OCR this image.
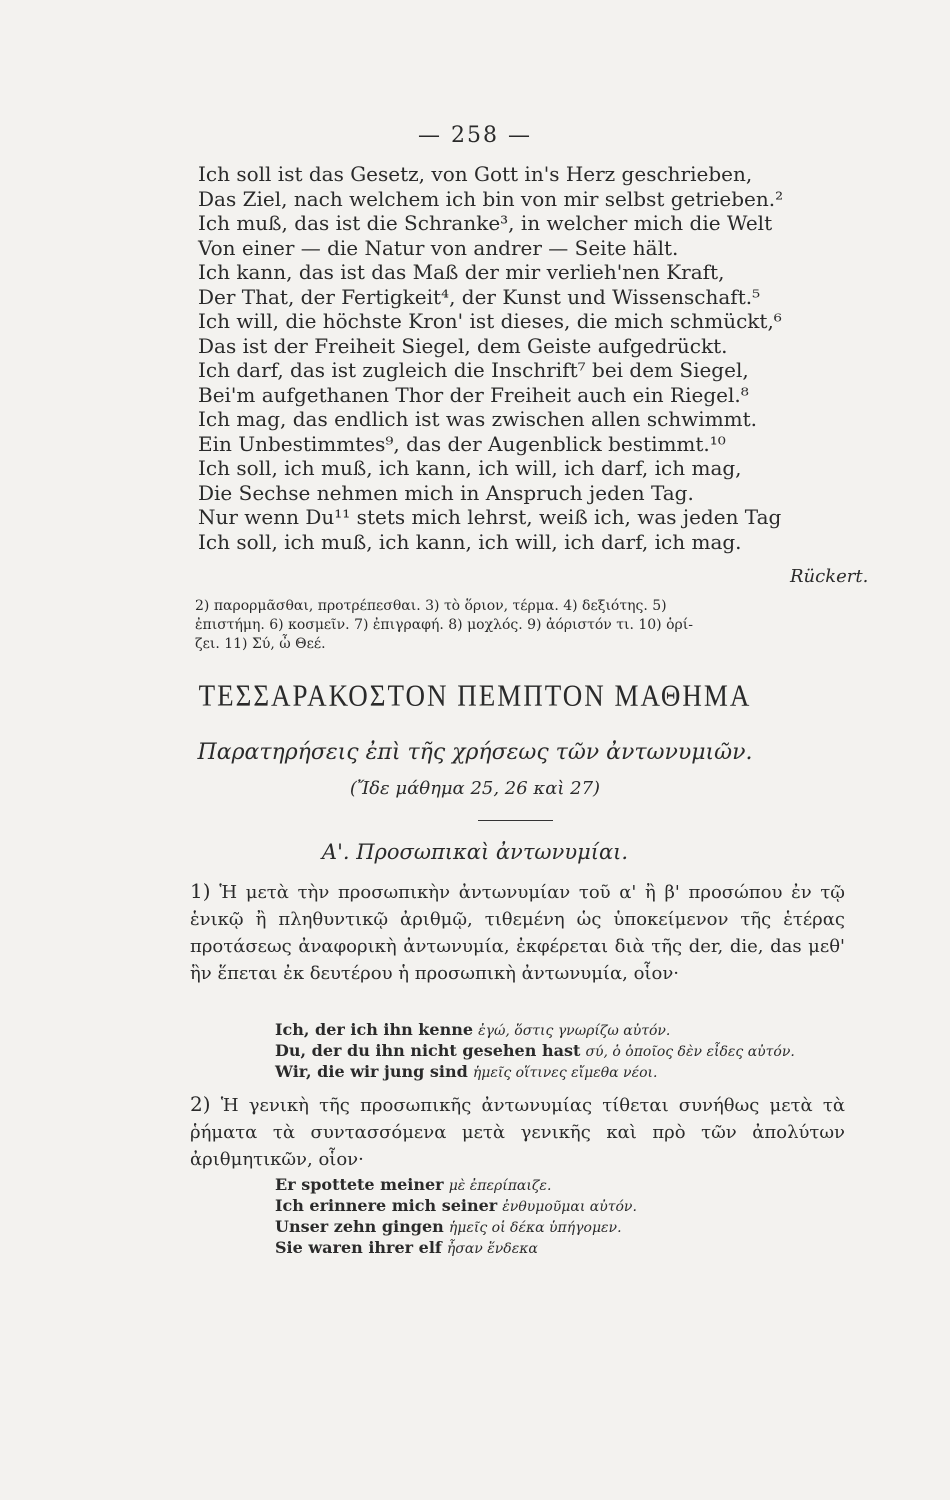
— 258 —
Ich soll ist das Gesetz, von Gott in's Herz geschrieben,
Das Ziel, nach welchem ich bin von mir selbst getrieben.²
Ich muß, das ist die Schranke³, in welcher mich die Welt
Von einer — die Natur von andrer — Seite hält.
Ich kann, das ist das Maß der mir verlieh'nen Kraft,
Der That, der Fertigkeit⁴, der Kunst und Wissenschaft.⁵
Ich will, die höchste Kron' ist dieses, die mich schmückt,⁶
Das ist der Freiheit Siegel, dem Geiste aufgedrückt.
Ich darf, das ist zugleich die Inschrift⁷ bei dem Siegel,
Bei'm aufgethanen Thor der Freiheit auch ein Riegel.⁸
Ich mag, das endlich ist was zwischen allen schwimmt.
Ein Unbestimmtes⁹, das der Augenblick bestimmt.¹⁰
Ich soll, ich muß, ich kann, ich will, ich darf, ich mag,
Die Sechse nehmen mich in Anspruch jeden Tag.
Nur wenn Du¹¹ stets mich lehrst, weiß ich, was jeden Tag
Ich soll, ich muß, ich kann, ich will, ich darf, ich mag.
Rückert.
2) παρορμᾶσθαι, προτρέπεσθαι. 3) τὸ ὅριον, τέρμα. 4) δεξιότης. 5)
ἐπιστήμη. 6) κοσμεῖν. 7) ἐπιγραφή. 8) μοχλός. 9) ἀόριστόν τι. 10) ὁρί-
ζει. 11) Σύ, ὦ Θεέ.
ΤΕΣΣΑΡΑΚΟΣΤΟΝ ΠΕΜΠΤΟΝ ΜΑΘΗΜΑ
Παρατηρήσεις ἐπὶ τῆς χρήσεως τῶν ἀντωνυμιῶν.
(Ἴδε μάθημα 25, 26 καὶ 27)
Α'. Προσωπικαὶ ἀντωνυμίαι.
1) Ἡ μετὰ τὴν προσωπικὴν ἀντωνυμίαν τοῦ α' ἢ β' προσώπου ἐν τῷ ἑνικῷ ἢ πληθυντικῷ ἀριθμῷ, τιθεμένη ὡς ὑποκείμενον τῆς ἑτέρας προτάσεως ἀναφορικὴ ἀντωνυμία, ἐκφέρεται διὰ τῆς der, die, das μεθ' ἣν ἕπεται ἐκ δευτέρου ἡ προσωπικὴ ἀντωνυμία, οἷον·
Ich, der ich ihn kenne ἐγώ, ὅστις γνωρίζω αὐτόν.
Du, der du ihn nicht gesehen hast σύ, ὁ ὁποῖος δὲν εἶδες αὐτόν.
Wir, die wir jung sind ἡμεῖς οἵτινες εἴμεθα νέοι.
2) Ἡ γενικὴ τῆς προσωπικῆς ἀντωνυμίας τίθεται συνήθως μετὰ τὰ ῥήματα τὰ συντασσόμενα μετὰ γενικῆς καὶ πρὸ τῶν ἀπολύτων ἀριθμητικῶν, οἷον·
Er spottete meiner μὲ ἐπερίπαιζε.
Ich erinnere mich seiner ἐνθυμοῦμαι αὐτόν.
Unser zehn gingen ἡμεῖς οἱ δέκα ὑπήγομεν.
Sie waren ihrer elf ἦσαν ἕνδεκα
